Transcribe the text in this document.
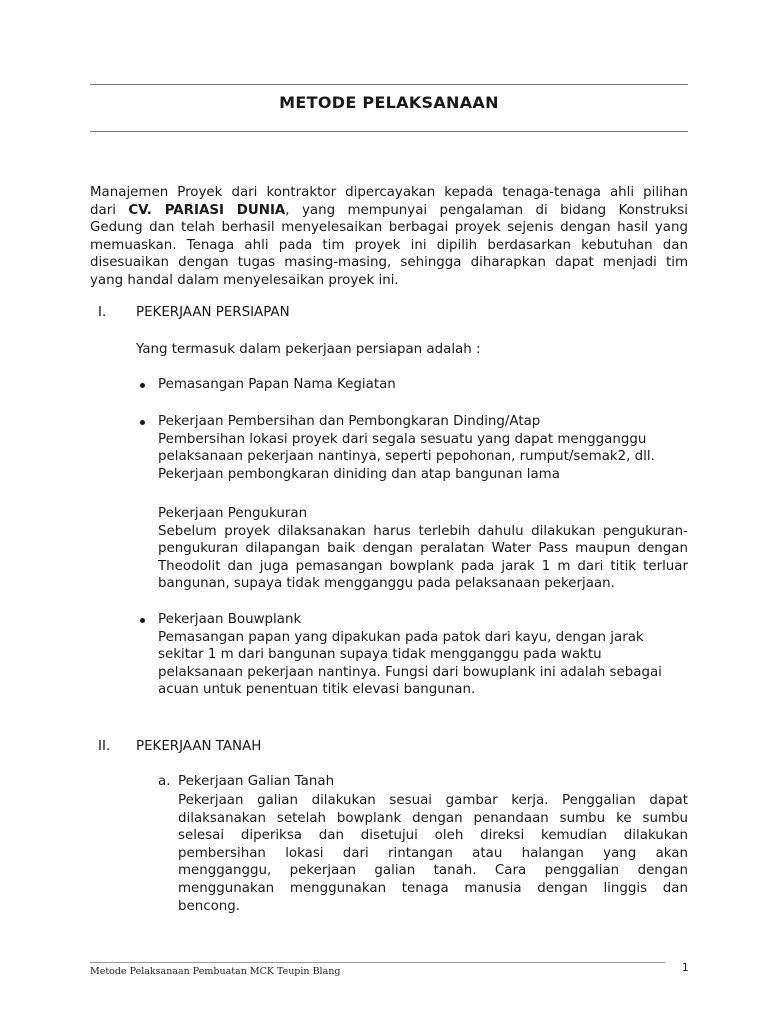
METODE PELAKSANAAN
Manajemen Proyek dari kontraktor dipercayakan kepada tenaga-tenaga ahli pilihan
dari CV. PARIASI DUNIA, yang mempunyai pengalaman di bidang Konstruksi
Gedung dan telah berhasil menyelesaikan berbagai proyek sejenis dengan hasil yang
memuaskan. Tenaga ahli pada tim proyek ini dipilih berdasarkan kebutuhan dan
disesuaikan dengan tugas masing-masing, sehingga diharapkan dapat menjadi tim
yang handal dalam menyelesaikan proyek ini.
I. PEKERJAAN PERSIAPAN
Yang termasuk dalam pekerjaan persiapan adalah :
Pemasangan Papan Nama Kegiatan
Pekerjaan Pembersihan dan Pembongkaran Dinding/Atap
Pembersihan lokasi proyek dari segala sesuatu yang dapat mengganggu
pelaksanaan pekerjaan nantinya, seperti pepohonan, rumput/semak2, dll.
Pekerjaan pembongkaran diniding dan atap bangunan lama
Pekerjaan Pengukuran
Sebelum proyek dilaksanakan harus terlebih dahulu dilakukan pengukuran-
pengukuran dilapangan baik dengan peralatan Water Pass maupun dengan
Theodolit dan juga pemasangan bowplank pada jarak 1 m dari titik terluar
bangunan, supaya tidak mengganggu pada pelaksanaan pekerjaan.
Pekerjaan Bouwplank
Pemasangan papan yang dipakukan pada patok dari kayu, dengan jarak
sekitar 1 m dari bangunan supaya tidak mengganggu pada waktu
pelaksanaan pekerjaan nantinya. Fungsi dari bowuplank ini adalah sebagai
acuan untuk penentuan titik elevasi bangunan.
II. PEKERJAAN TANAH
a. Pekerjaan Galian Tanah
Pekerjaan galian dilakukan sesuai gambar kerja. Penggalian dapat
dilaksanakan setelah bowplank dengan penandaan sumbu ke sumbu
selesai diperiksa dan disetujui oleh direksi kemudian dilakukan
pembersihan lokasi dari rintangan atau halangan yang akan
mengganggu, pekerjaan galian tanah. Cara penggalian dengan
menggunakan menggunakan tenaga manusia dengan linggis dan
bencong.
Metode Pelaksanaan Pembuatan MCK Teupin Blang	1
